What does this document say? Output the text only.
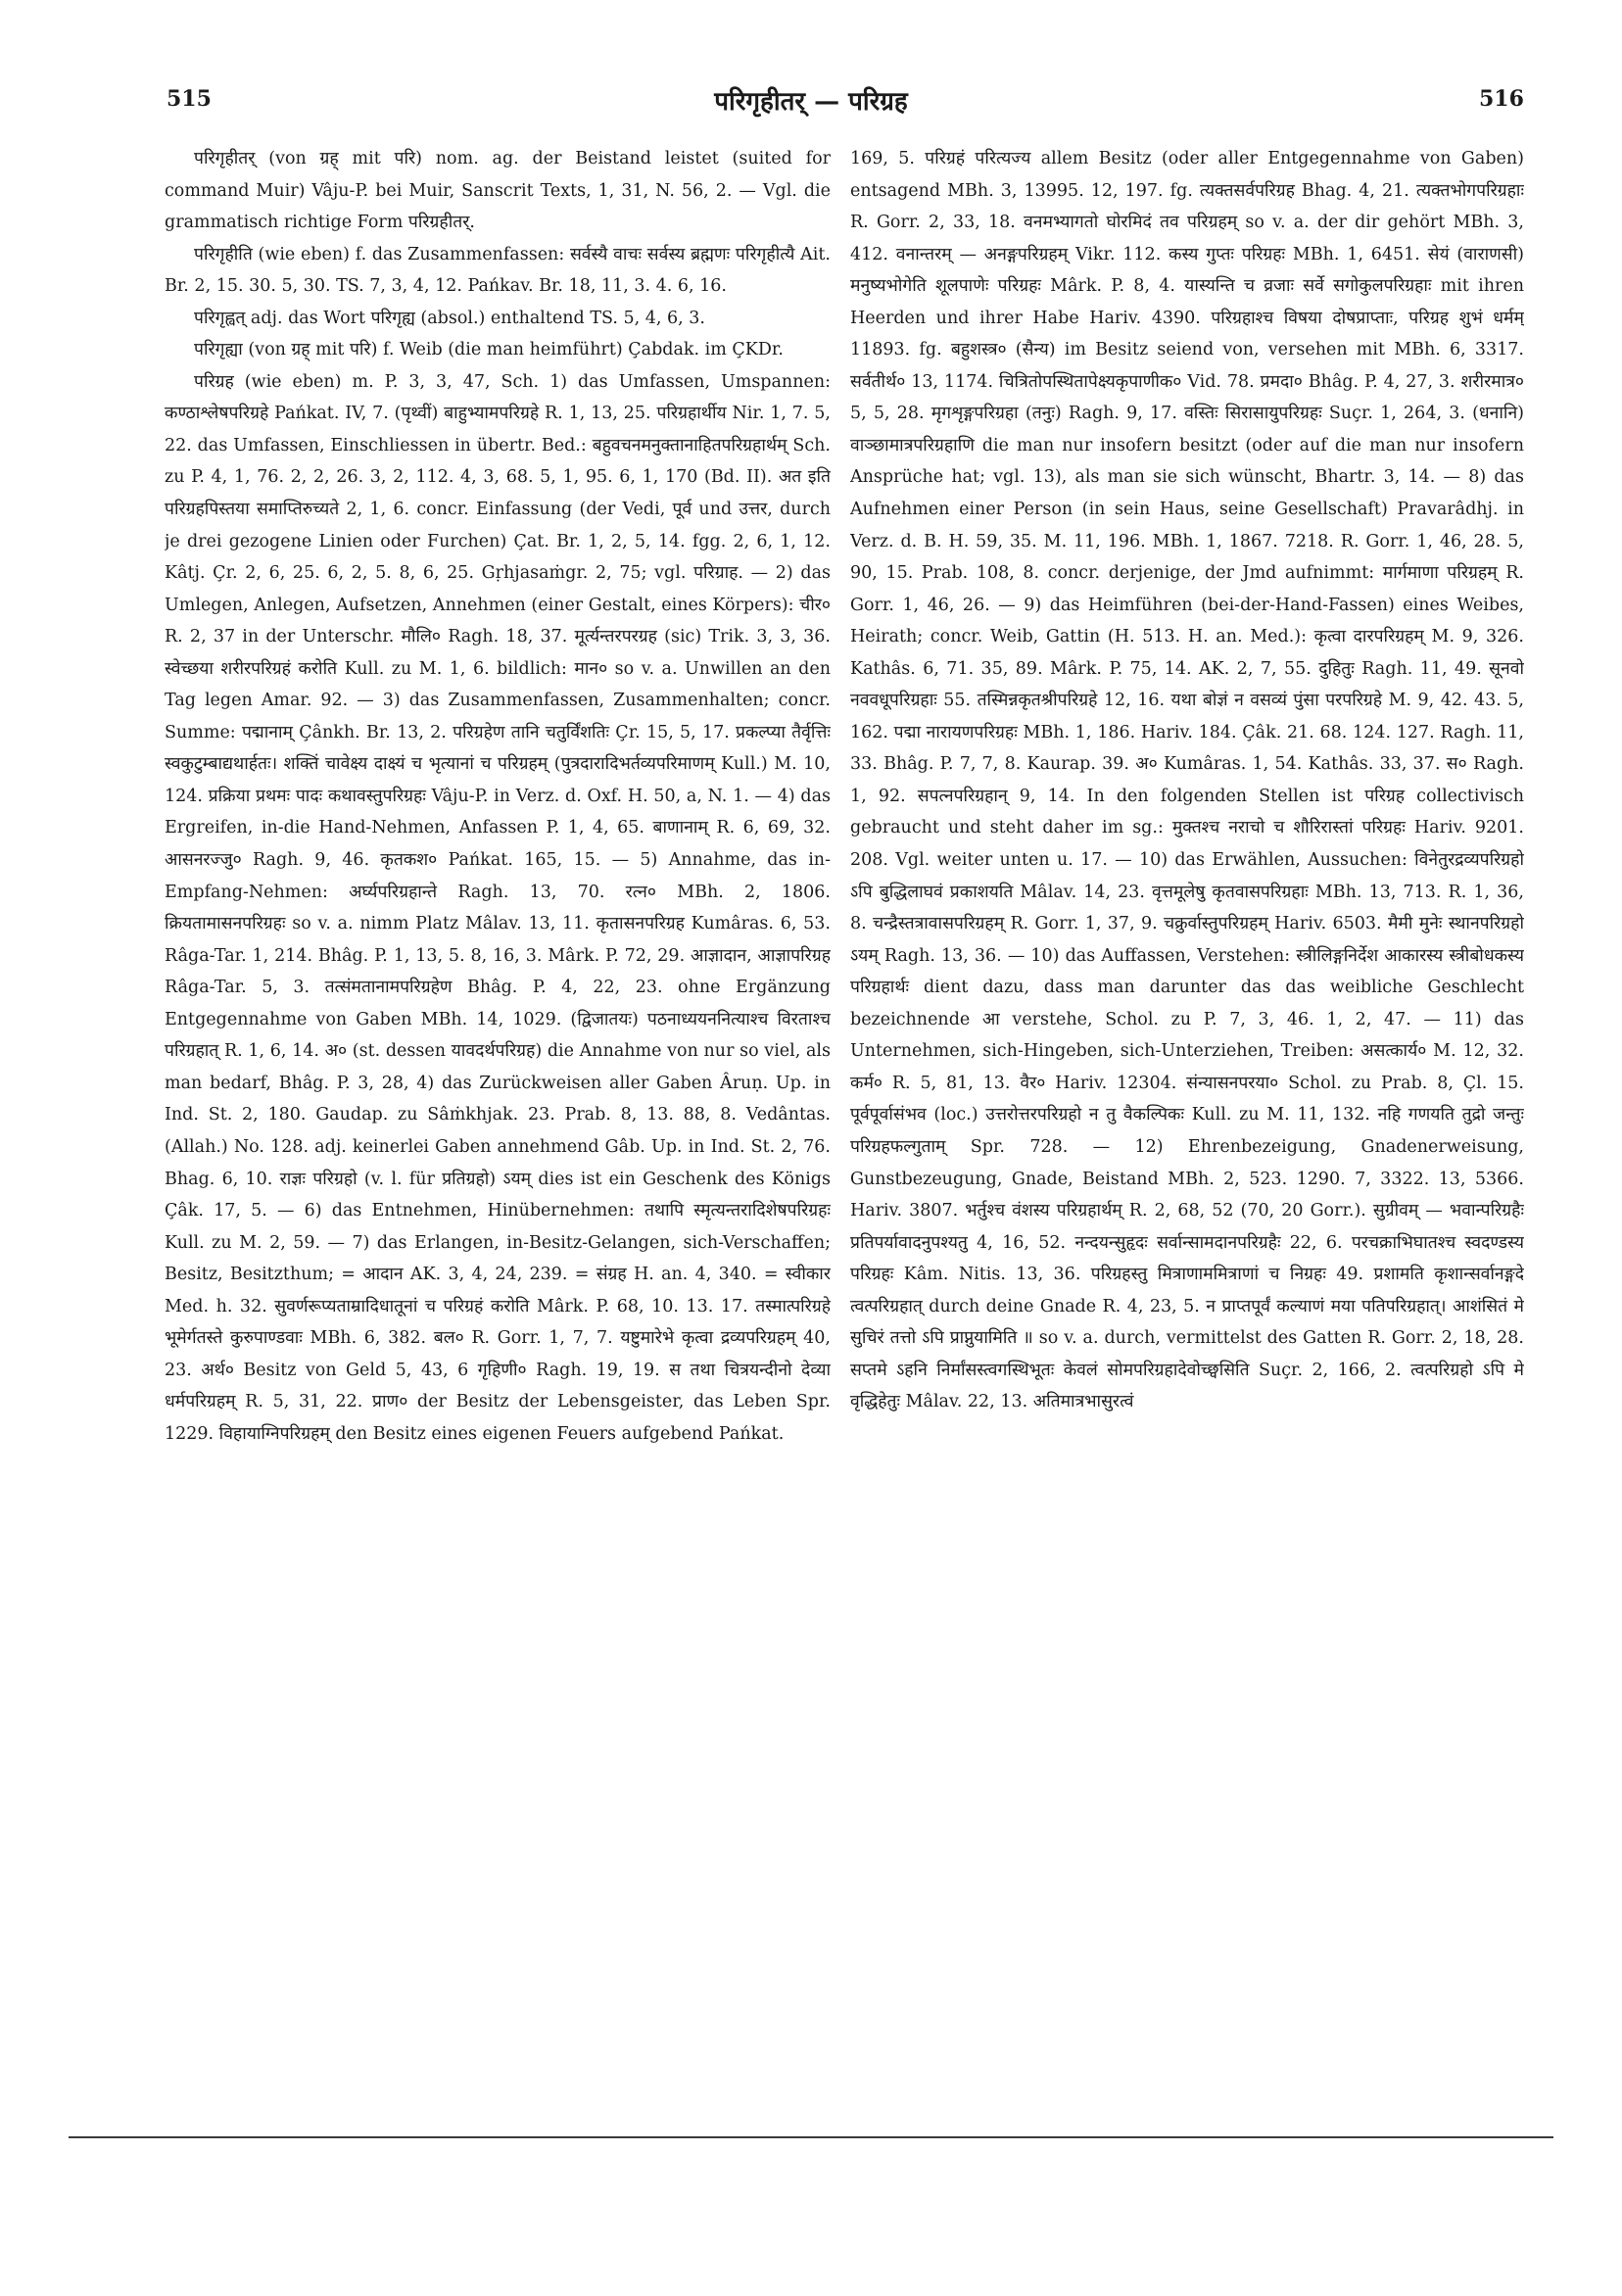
515	परिगृहीतर् — परिग्रह	516

परिगृहीतर् (von ग्रह् mit परि) nom. ag. der Beistand leistet (suited for command Muir) Vâju-P. bei Muir, Sanscrit Texts, 1, 31, N. 56, 2. — Vgl. die grammatisch richtige Form परिग्रहीतर्.

परिगृहीति (wie eben) f. das Zusammenfassen: सर्वस्यै वाचः सर्वस्य ब्रह्मणः परिगृहीत्यै Ait. Br. 2, 15. 30. 5, 30. TS. 7, 3, 4, 12. Pańkav. Br. 18, 11, 3. 4. 6, 16.

परिगृह्वत् adj. das Wort परिगृह्य (absol.) enthaltend TS. 5, 4, 6, 3.

परिगृह्या (von ग्रह् mit परि) f. Weib (die man heimführt) Çabdak. im ÇKDr.

परिग्रह (wie eben) m. P. 3, 3, 47, Sch. 1) das Umfassen, Umspannen: कण्ठाश्लेषपरिग्रहे Pańkat. IV, 7. (पृथ्वीं) बाहुभ्यामपरिग्रहे R. 1, 13, 25. परिग्रहार्थीय Nir. 1, 7. 5, 22. das Umfassen, Einschliessen in übertr. Bed.: बहुवचनमनुक्तानाहितपरिग्रहार्थम् Sch. zu P. 4, 1, 76. 2, 2, 26. 3, 2, 112. 4, 3, 68. 5, 1, 95. 6, 1, 170 (Bd. II). अत इति परिग्रहपिस्तया समाप्तिरुच्यते 2, 1, 6. concr. Einfassung (der Vedi, पूर्व und उत्तर, durch je drei gezogene Linien oder Furchen) Çat. Br. 1, 2, 5, 14. fgg. 2, 6, 1, 12. Kâtj. Çr. 2, 6, 25. 6, 2, 5. 8, 6, 25. Gṛhjasaṁgr. 2, 75; vgl. परिग्राह. — 2) das Umlegen, Anlegen, Aufsetzen, Annehmen (einer Gestalt, eines Körpers): चीर० R. 2, 37 in der Unterschr. मौलि० Ragh. 18, 37. मूर्त्यन्तरपरग्रह (sic) Trik. 3, 3, 36. स्वेच्छया शरीरपरिग्रहं करोति Kull. zu M. 1, 6. bildlich: मान० so v. a. Unwillen an den Tag legen Amar. 92. — 3) das Zusammenfassen, Zusammenhalten; concr. Summe: पद्मानाम् Çânkh. Br. 13, 2. परिग्रहेण तानि चतुर्विंशतिः Çr. 15, 5, 17. प्रकल्प्या तैर्वृत्तिः स्वकुटुम्बाद्यथार्हतः। शक्तिं चावेक्ष्य दाक्ष्यं च भृत्यानां च परिग्रहम् (पुत्रदारादिभर्तव्यपरिमाणम् Kull.) M. 10, 124. प्रक्रिया प्रथमः पादः कथावस्तुपरिग्रहः Vâju-P. in Verz. d. Oxf. H. 50, a, N. 1. — 4) das Ergreifen, in-die Hand-Nehmen, Anfassen P. 1, 4, 65. बाणानाम् R. 6, 69, 32. आसनरज्जु० Ragh. 9, 46. कृतकश० Pańkat. 165, 15. — 5) Annahme, das in-Empfang-Nehmen: अर्घ्यपरिग्रहान्ते Ragh. 13, 70. रत्न० MBh. 2, 1806. क्रियतामासनपरिग्रहः so v. a. nimm Platz Mâlav. 13, 11. कृतासनपरिग्रह Kumâras. 6, 53. Râga-Tar. 1, 214. Bhâg. P. 1, 13, 5. 8, 16, 3. Mârk. P. 72, 29. आज्ञादान, आज्ञापरिग्रह Râga-Tar. 5, 3. तत्संमतानामपरिग्रहेण Bhâg. P. 4, 22, 23. ohne Ergänzung Entgegennahme von Gaben MBh. 14, 1029. (द्विजातयः) पठनाध्ययननित्याश्च विरताश्च परिग्रहात् R. 1, 6, 14. अ० (st. dessen यावदर्थपरिग्रह) die Annahme von nur so viel, als man bedarf, Bhâg. P. 3, 28, 4) das Zurückweisen aller Gaben Âruṇ. Up. in Ind. St. 2, 180. Gaudap. zu Sâṁkhjak. 23. Prab. 8, 13. 88, 8. Vedântas. (Allah.) No. 128. adj. keinerlei Gaben annehmend Gâb. Up. in Ind. St. 2, 76. Bhag. 6, 10. राज्ञः परिग्रहो (v. l. für प्रतिग्रहो) ऽयम् dies ist ein Geschenk des Königs Çâk. 17, 5. — 6) das Entnehmen, Hinübernehmen: तथापि स्मृत्यन्तरादिशेषपरिग्रहः Kull. zu M. 2, 59. — 7) das Erlangen, in-Besitz-Gelangen, sich-Verschaffen; Besitz, Besitzthum; = आदान AK. 3, 4, 24, 239. = संग्रह H. an. 4, 340. = स्वीकार Med. h. 32. सुवर्णरूप्यताम्रादिधातूनां च परिग्रहं करोति Mârk. P. 68, 10. 13. 17. तस्मात्परिग्रहे भूमेर्गतस्ते कुरुपाण्डवाः MBh. 6, 382. बल० R. Gorr. 1, 7, 7. यष्टुमारेभे कृत्वा द्रव्यपरिग्रहम् 40, 23. अर्थ० Besitz von Geld 5, 43, 6 गृहिणी० Ragh. 19, 19. स तथा चित्रयन्दीनो देव्या धर्मपरिग्रहम् R. 5, 31, 22. प्राण० der Besitz der Lebensgeister, das Leben Spr. 1229. विहायाग्निपरिग्रहम् den Besitz eines eigenen Feuers aufgebend Pańkat.

169, 5. परिग्रहं परित्यज्य allem Besitz (oder aller Entgegennahme von Gaben) entsagend MBh. 3, 13995. 12, 197. fg. त्यक्तसर्वपरिग्रह Bhag. 4, 21. त्यक्तभोगपरिग्रहाः R. Gorr. 2, 33, 18. वनमभ्यागतो घोरमिदं तव परिग्रहम् so v. a. der dir gehört MBh. 3, 412. वनान्तरम् — अनङ्गपरिग्रहम् Vikr. 112. कस्य गुप्तः परिग्रहः MBh. 1, 6451. सेयं (वाराणसी) मनुष्यभोगेति शूलपाणेः परिग्रहः Mârk. P. 8, 4. यास्यन्ति च व्रजाः सर्वे सगोकुलपरिग्रहाः mit ihren Heerden und ihrer Habe Hariv. 4390. परिग्रहाश्च विषया दोषप्राप्ताः, परिग्रह शुभं धर्मम् 11893. fg. बहुशस्त्र० (सैन्य) im Besitz seiend von, versehen mit MBh. 6, 3317. सर्वतीर्थ० 13, 1174. चित्रितोपस्थितापेक्ष्यकृपाणीक० Vid. 78. प्रमदा० Bhâg. P. 4, 27, 3. शरीरमात्र० 5, 5, 28. मृगशृङ्गपरिग्रहा (तनुः) Ragh. 9, 17. वस्तिः सिरासायुपरिग्रहः Suçr. 1, 264, 3. (धनानि) वाञ्छामात्रपरिग्रहाणि die man nur insofern besitzt (oder auf die man nur insofern Ansprüche hat; vgl. 13), als man sie sich wünscht, Bhartr. 3, 14. — 8) das Aufnehmen einer Person (in sein Haus, seine Gesellschaft) Pravarâdhj. in Verz. d. B. H. 59, 35. M. 11, 196. MBh. 1, 1867. 7218. R. Gorr. 1, 46, 28. 5, 90, 15. Prab. 108, 8. concr. derjenige, der Jmd aufnimmt: मार्गमाणा परिग्रहम् R. Gorr. 1, 46, 26. — 9) das Heimführen (bei-der-Hand-Fassen) eines Weibes, Heirath; concr. Weib, Gattin (H. 513. H. an. Med.): कृत्वा दारपरिग्रहम् M. 9, 326. Kathâs. 6, 71. 35, 89. Mârk. P. 75, 14. AK. 2, 7, 55. दुहितुः Ragh. 11, 49. सूनवो नववधूपरिग्रहाः 55. तस्मिन्नकृतश्रीपरिग्रहे 12, 16. यथा बोज्ञं न वसव्यं पुंसा परपरिग्रहे M. 9, 42. 43. 5, 162. पद्मा नारायणपरिग्रहः MBh. 1, 186. Hariv. 184. Çâk. 21. 68. 124. 127. Ragh. 11, 33. Bhâg. P. 7, 7, 8. Kaurap. 39. अ० Kumâras. 1, 54. Kathâs. 33, 37. स० Ragh. 1, 92. सपत्नपरिग्रहान् 9, 14. In den folgenden Stellen ist परिग्रह collectivisch gebraucht und steht daher im sg.: मुक्तश्च नराचो च शौरिरास्तां परिग्रहः Hariv. 9201. 208. Vgl. weiter unten u. 17. — 10) das Erwählen, Aussuchen: विनेतुरद्रव्यपरिग्रहो ऽपि बुद्धिलाघवं प्रकाशयति Mâlav. 14, 23. वृत्तमूलेषु कृतवासपरिग्रहाः MBh. 13, 713. R. 1, 36, 8. चन्द्रैस्तत्रावासपरिग्रहम् R. Gorr. 1, 37, 9. चक्रुर्वास्तुपरिग्रहम् Hariv. 6503. मैमी मुनेः स्थानपरिग्रहो ऽयम् Ragh. 13, 36. — 10) das Auffassen, Verstehen: स्त्रीलिङ्गनिर्देश आकारस्य स्त्रीबोधकस्य परिग्रहार्थः dient dazu, dass man darunter das das weibliche Geschlecht bezeichnende आ verstehe, Schol. zu P. 7, 3, 46. 1, 2, 47. — 11) das Unternehmen, sich-Hingeben, sich-Unterziehen, Treiben: असत्कार्य० M. 12, 32. कर्म० R. 5, 81, 13. वैर० Hariv. 12304. संन्यासनपरया० Schol. zu Prab. 8, Çl. 15. पूर्वपूर्वासंभव (loc.) उत्तरोत्तरपरिग्रहो न तु वैकल्पिकः Kull. zu M. 11, 132. नहि गणयति तुद्रो जन्तुः परिग्रहफल्गुताम् Spr. 728. — 12) Ehrenbezeigung, Gnadenerweisung, Gunstbezeugung, Gnade, Beistand MBh. 2, 523. 1290. 7, 3322. 13, 5366. Hariv. 3807. भर्तुश्च वंशस्य परिग्रहार्थम् R. 2, 68, 52 (70, 20 Gorr.). सुग्रीवम् — भवान्परिग्रहैः प्रतिपर्यावादनुपश्यतु 4, 16, 52. नन्दयन्सुहृदः सर्वान्सामदानपरिग्रहैः 22, 6. परचक्राभिघातश्च स्वदण्डस्य परिग्रहः Kâm. Nitis. 13, 36. परिग्रहस्तु मित्राणाममित्राणां च निग्रहः 49. प्रशामति कृशान्सर्वानङ्गदे त्वत्परिग्रहात् durch deine Gnade R. 4, 23, 5. न प्राप्तपूर्वं कल्याणं मया पतिपरिग्रहात्। आशंसितं मे सुचिरं तत्तो ऽपि प्राप्नुयामिति ॥ so v. a. durch, vermittelst des Gatten R. Gorr. 2, 18, 28. सप्तमे ऽहनि निर्मांसस्त्वगस्थिभूतः केवलं सोमपरिग्रहादेवोच्छ्वसिति Suçr. 2, 166, 2. त्वत्परिग्रहो ऽपि मे वृद्धिहेतुः Mâlav. 22, 13. अतिमात्रभासुरत्वं
